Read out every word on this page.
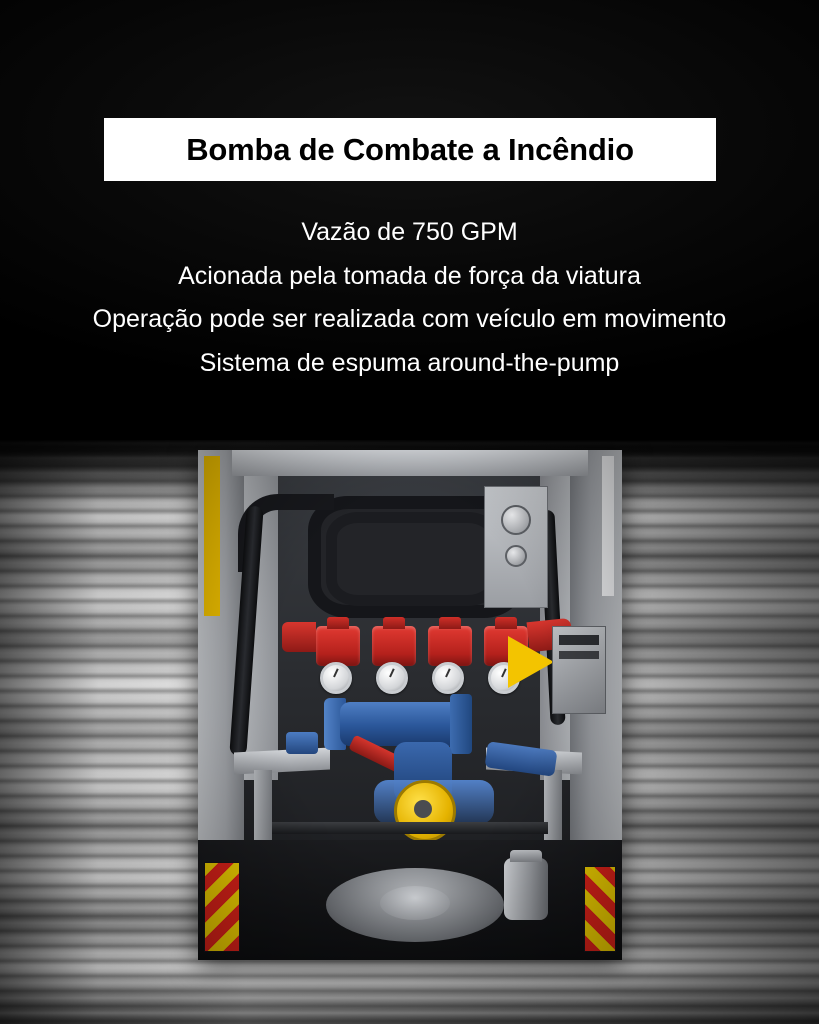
Bomba de Combate a Incêndio

Vazão de 750 GPM

Acionada pela tomada de força da viatura

Operação pode ser realizada com veículo em movimento

Sistema de espuma around-the-pump
